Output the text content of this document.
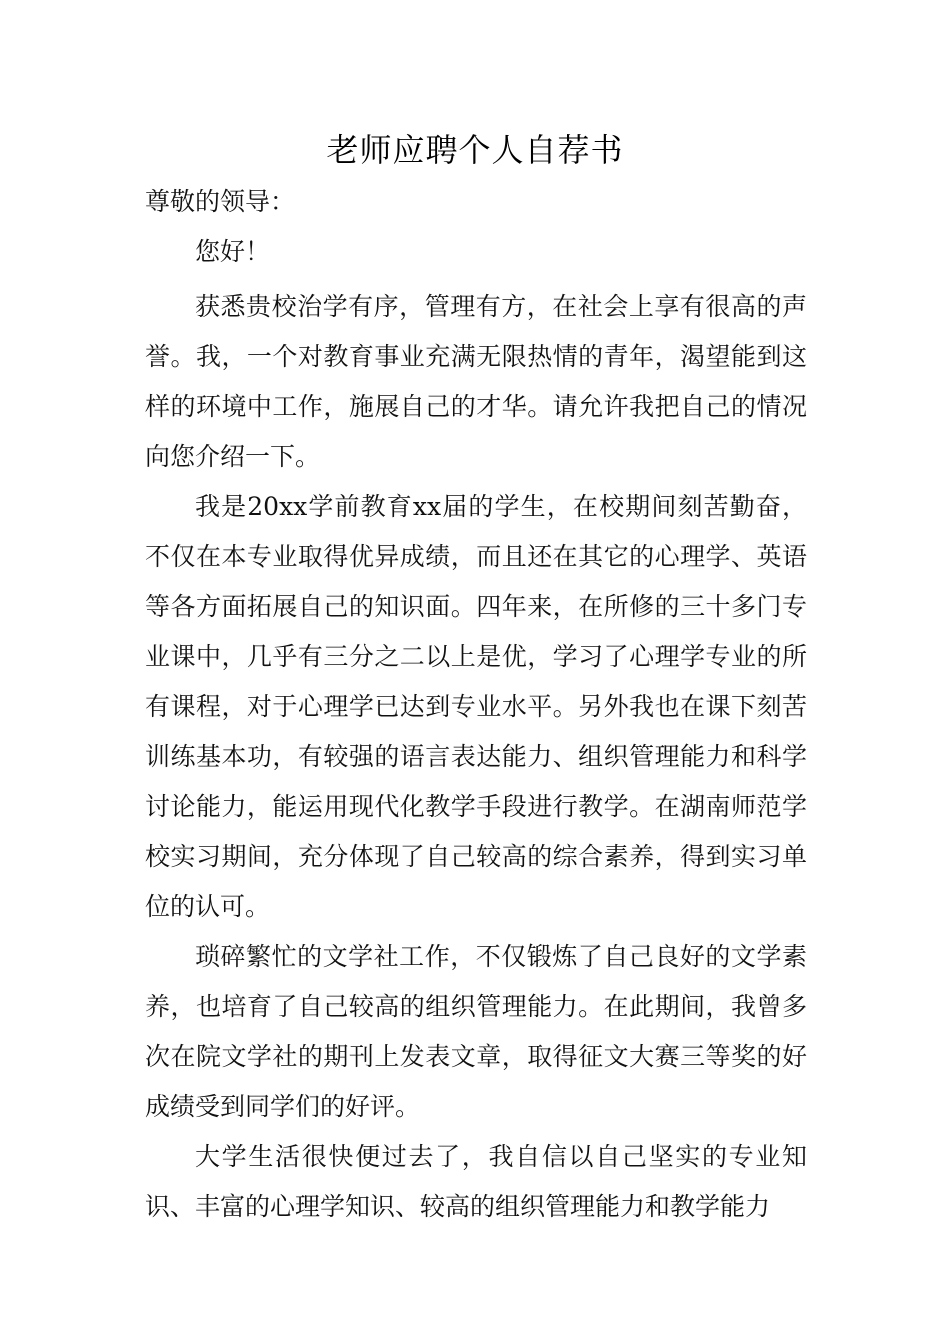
老师应聘个人自荐书

尊敬的领导：

您好！

获悉贵校治学有序，管理有方，在社会上享有很高的声誉。我，一个对教育事业充满无限热情的青年，渴望能到这样的环境中工作，施展自己的才华。请允许我把自己的情况向您介绍一下。

我是20xx学前教育xx届的学生，在校期间刻苦勤奋，不仅在本专业取得优异成绩，而且还在其它的心理学、英语等各方面拓展自己的知识面。四年来，在所修的三十多门专业课中，几乎有三分之二以上是优，学习了心理学专业的所有课程，对于心理学已达到专业水平。另外我也在课下刻苦训练基本功，有较强的语言表达能力、组织管理能力和科学讨论能力，能运用现代化教学手段进行教学。在湖南师范学校实习期间，充分体现了自己较高的综合素养，得到实习单位的认可。

琐碎繁忙的文学社工作，不仅锻炼了自己良好的文学素养，也培育了自己较高的组织管理能力。在此期间，我曾多次在院文学社的期刊上发表文章，取得征文大赛三等奖的好成绩受到同学们的好评。

大学生活很快便过去了，我自信以自己坚实的专业知识、丰富的心理学知识、较高的组织管理能力和教学能力
